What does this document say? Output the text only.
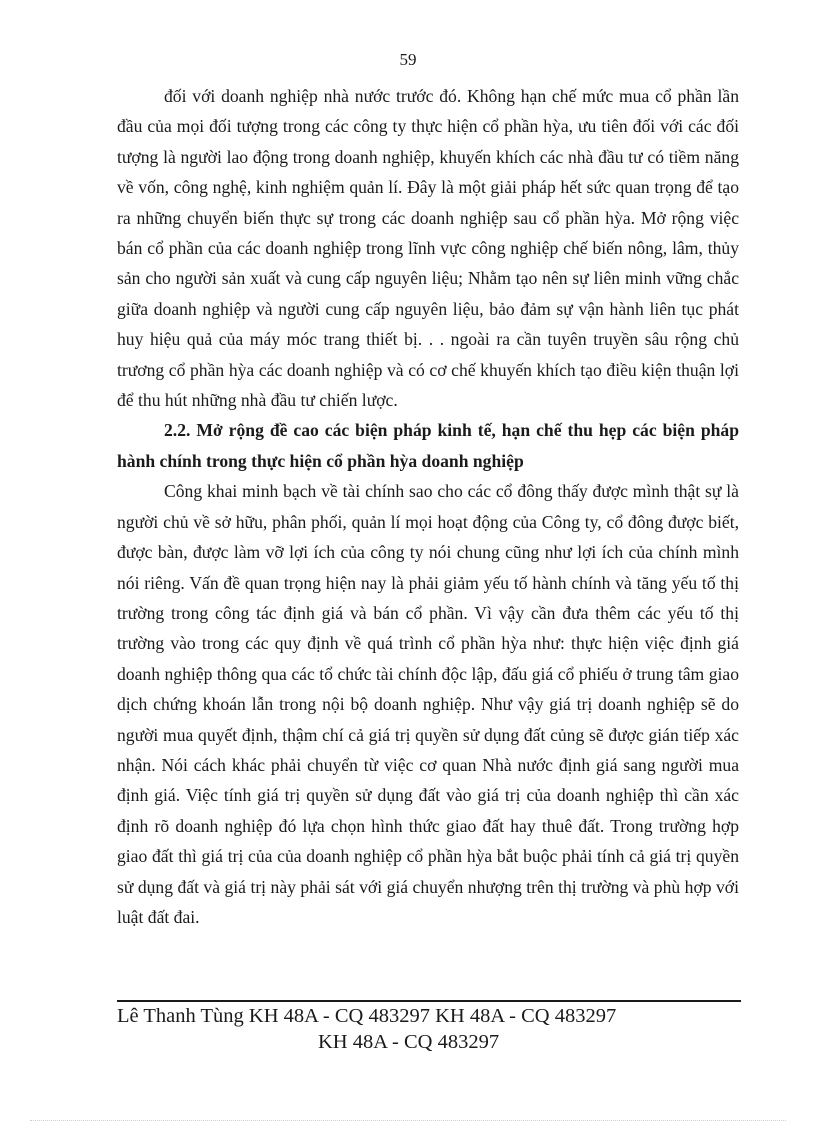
59

đối với doanh nghiệp nhà nước trước đó. Không hạn chế mức mua cổ phần lần đầu của mọi đối tượng trong các công ty thực hiện cổ phần hỳa, ưu tiên đối với các đối tượng là người lao động trong doanh nghiệp, khuyến khích các nhà đầu tư có tiềm năng về vốn, công nghệ, kinh nghiệm quản lí. Đây là một giải pháp hết sức quan trọng để tạo ra những chuyển biến thực sự trong các doanh nghiệp sau cổ phần hỳa. Mở rộng việc bán cổ phần của các doanh nghiệp trong lĩnh vực công nghiệp chế biến nông, lâm, thủy sản cho người sản xuất và cung cấp nguyên liệu; Nhằm tạo nên sự liên minh vững chắc giữa doanh nghiệp và người cung cấp nguyên liệu, bảo đảm sự vận hành liên tục phát huy hiệu quả của máy móc trang thiết bị. . . ngoài ra cần tuyên truyền sâu rộng chủ trương cổ phần hỳa các doanh nghiệp và có cơ chế khuyến khích tạo điều kiện thuận lợi để thu hút những nhà đầu tư chiến lược.

2.2. Mở rộng đề cao các biện pháp kinh tế, hạn chế thu hẹp các biện pháp hành chính trong thực hiện cổ phần hỳa doanh nghiệp

Công khai minh bạch về tài chính sao cho các cổ đông thấy được mình thật sự là người chủ về sở hữu, phân phối, quản lí mọi hoạt động của Công ty, cổ đông được biết, được bàn, được làm vỡ lợi ích của công ty nói chung cũng như lợi ích của chính mình nói riêng. Vấn đề quan trọng hiện nay là phải giảm yếu tố hành chính và tăng yếu tố thị trường trong công tác định giá và bán cổ phần. Vì vậy cần đưa thêm các yếu tố thị trường vào trong các quy định về quá trình cổ phần hỳa như: thực hiện việc định giá doanh nghiệp thông qua các tổ chức tài chính độc lập, đấu giá cổ phiếu ở trung tâm giao dịch chứng khoán lẫn trong nội bộ doanh nghiệp. Như vậy giá trị doanh nghiệp sẽ do người mua quyết định, thậm chí cả giá trị quyền sử dụng đất củng sẽ được gián tiếp xác nhận. Nói cách khác phải chuyển từ việc cơ quan Nhà nước định giá sang người mua định giá. Việc tính giá trị quyền sử dụng đất vào giá trị của doanh nghiệp thì cần xác định rõ doanh nghiệp đó lựa chọn hình thức giao đất hay thuê đất. Trong trường hợp giao đất thì giá trị của của doanh nghiệp cổ phần hỳa bắt buộc phải tính cả giá trị quyền sử dụng đất và giá trị này phải sát với giá chuyển nhượng trên thị trường và phù hợp với luật đất đai.

Lê Thanh Tùng KH 48A - CQ 483297 KH 48A - CQ 483297
KH 48A - CQ 483297
